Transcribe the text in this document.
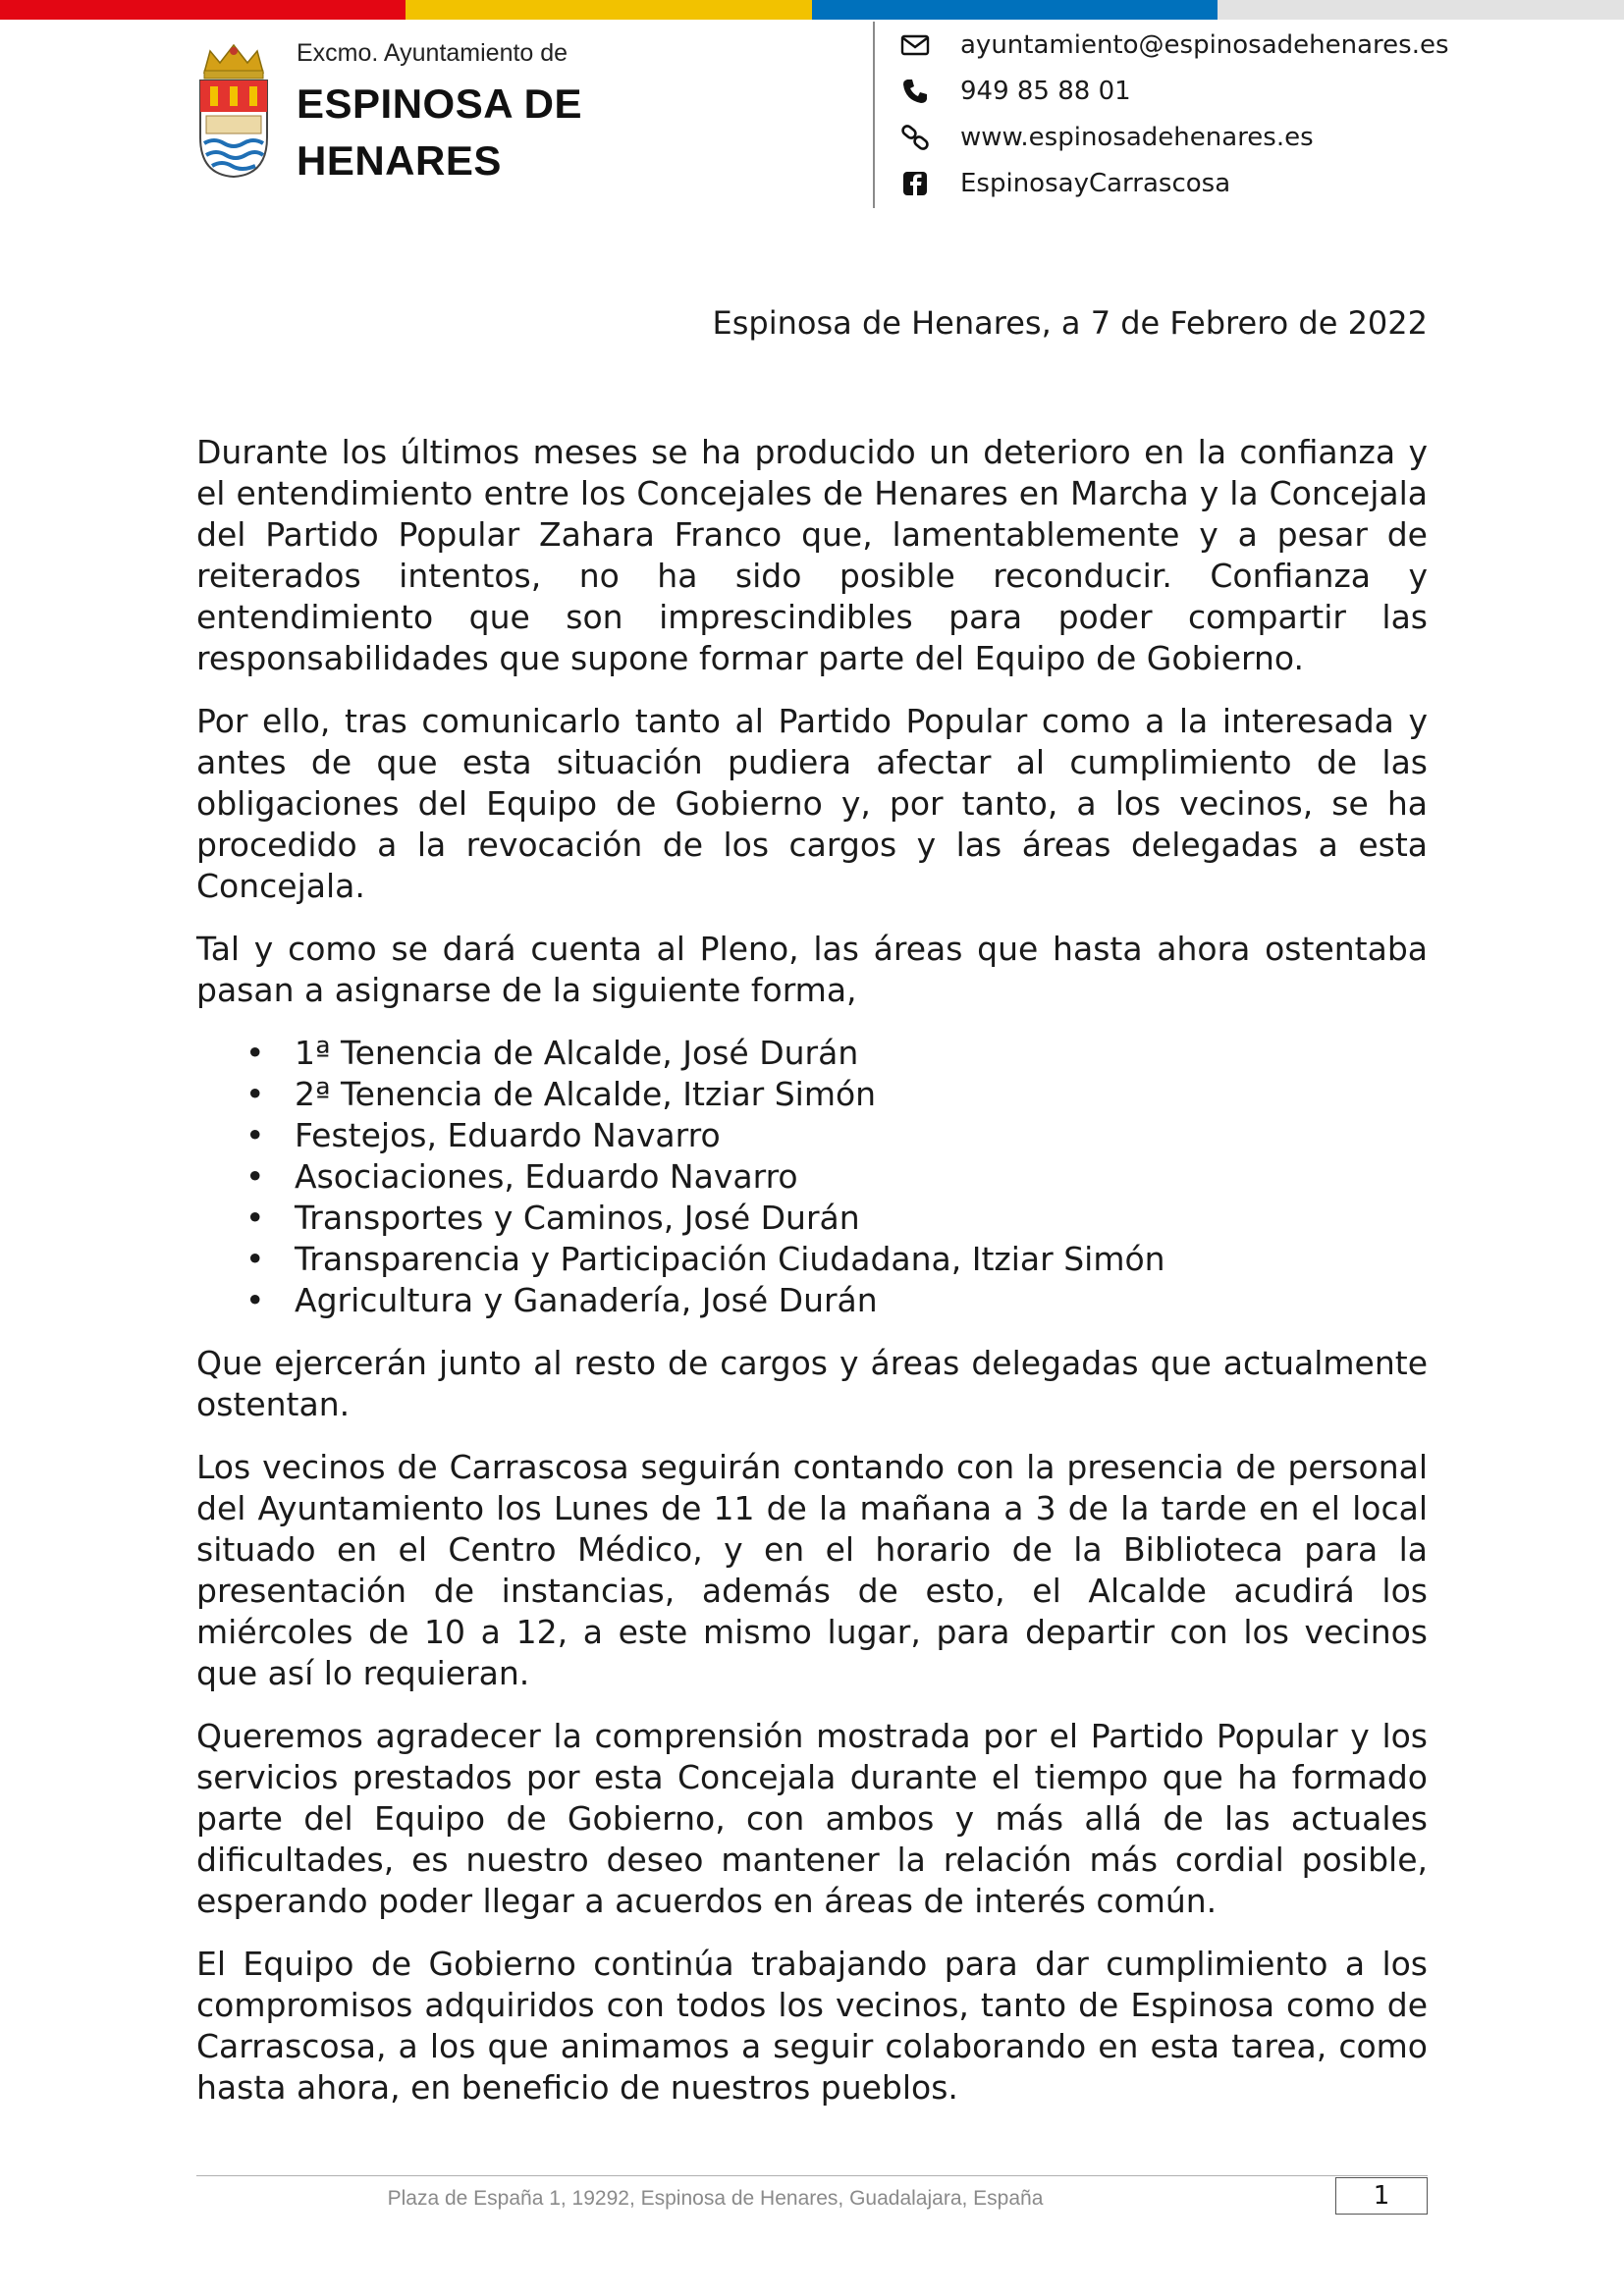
Excmo. Ayuntamiento de
ESPINOSA DE
HENARES
ayuntamiento@espinosadehenares.es
949 85 88 01
www.espinosadehenares.es
EspinosayCarrascosa
Espinosa de Henares, a 7 de Febrero de 2022

Durante los últimos meses se ha producido un deterioro en la confianza y el entendimiento entre los Concejales de Henares en Marcha y la Concejala del Partido Popular Zahara Franco que, lamentablemente y a pesar de reiterados intentos, no ha sido posible reconducir. Confianza y entendimiento que son imprescindibles para poder compartir las responsabilidades que supone formar parte del Equipo de Gobierno.

Por ello, tras comunicarlo tanto al Partido Popular como a la interesada y antes de que esta situación pudiera afectar al cumplimiento de las obligaciones del Equipo de Gobierno y, por tanto, a los vecinos, se ha procedido a la revocación de los cargos y las áreas delegadas a esta Concejala.

Tal y como se dará cuenta al Pleno, las áreas que hasta ahora ostentaba pasan a asignarse de la siguiente forma,

• 1ª Tenencia de Alcalde, José Durán
• 2ª Tenencia de Alcalde, Itziar Simón
• Festejos, Eduardo Navarro
• Asociaciones, Eduardo Navarro
• Transportes y Caminos, José Durán
• Transparencia y Participación Ciudadana, Itziar Simón
• Agricultura y Ganadería, José Durán

Que ejercerán junto al resto de cargos y áreas delegadas que actualmente ostentan.

Los vecinos de Carrascosa seguirán contando con la presencia de personal del Ayuntamiento los Lunes de 11 de la mañana a 3 de la tarde en el local situado en el Centro Médico, y en el horario de la Biblioteca para la presentación de instancias, además de esto, el Alcalde acudirá los miércoles de 10 a 12, a este mismo lugar, para departir con los vecinos que así lo requieran.

Queremos agradecer la comprensión mostrada por el Partido Popular y los servicios prestados por esta Concejala durante el tiempo que ha formado parte del Equipo de Gobierno, con ambos y más allá de las actuales dificultades, es nuestro deseo mantener la relación más cordial posible, esperando poder llegar a acuerdos en áreas de interés común.

El Equipo de Gobierno continúa trabajando para dar cumplimiento a los compromisos adquiridos con todos los vecinos, tanto de Espinosa como de Carrascosa, a los que animamos a seguir colaborando en esta tarea, como hasta ahora, en beneficio de nuestros pueblos.

Plaza de España 1, 19292, Espinosa de Henares, Guadalajara, España	1
